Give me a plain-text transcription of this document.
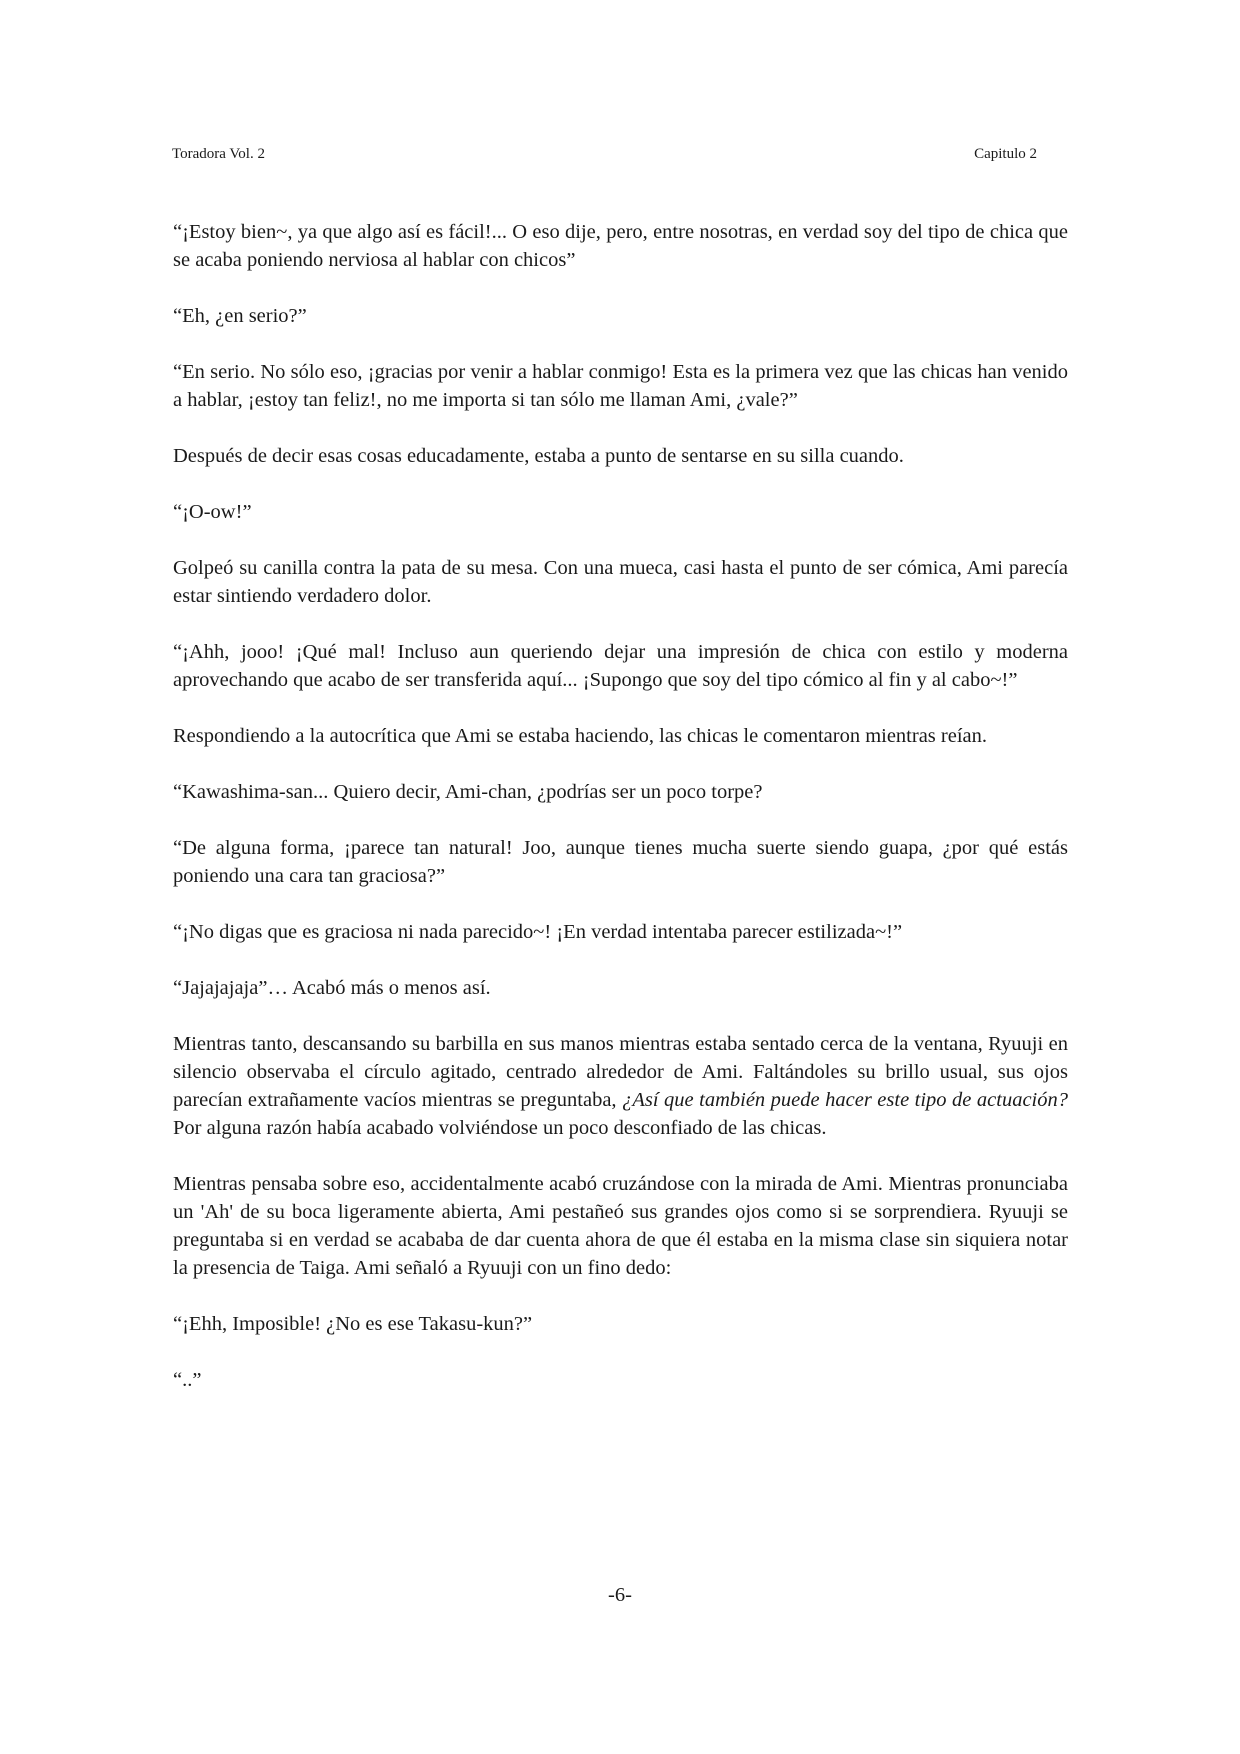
Toradora Vol. 2	Capitulo 2

“¡Estoy bien~, ya que algo así es fácil!... O eso dije, pero, entre nosotras, en verdad soy del tipo de chica que se acaba poniendo nerviosa al hablar con chicos”

“Eh, ¿en serio?”

“En serio. No sólo eso, ¡gracias por venir a hablar conmigo! Esta es la primera vez que las chicas han venido a hablar, ¡estoy tan feliz!, no me importa si tan sólo me llaman Ami, ¿vale?”

Después de decir esas cosas educadamente, estaba a punto de sentarse en su silla cuando.

“¡O-ow!”

Golpeó su canilla contra la pata de su mesa. Con una mueca, casi hasta el punto de ser cómica, Ami parecía estar sintiendo verdadero dolor.

“¡Ahh, jooo! ¡Qué mal! Incluso aun queriendo dejar una impresión de chica con estilo y moderna aprovechando que acabo de ser transferida aquí... ¡Supongo que soy del tipo cómico al fin y al cabo~!”

Respondiendo a la autocrítica que Ami se estaba haciendo, las chicas le comentaron mientras reían.

“Kawashima-san... Quiero decir, Ami-chan, ¿podrías ser un poco torpe?

“De alguna forma, ¡parece tan natural! Joo, aunque tienes mucha suerte siendo guapa, ¿por qué estás poniendo una cara tan graciosa?”

“¡No digas que es graciosa ni nada parecido~! ¡En verdad intentaba parecer estilizada~!”

“Jajajajaja”… Acabó más o menos así.

Mientras tanto, descansando su barbilla en sus manos mientras estaba sentado cerca de la ventana, Ryuuji en silencio observaba el círculo agitado, centrado alrededor de Ami. Faltándoles su brillo usual, sus ojos parecían extrañamente vacíos mientras se preguntaba, ¿Así que también puede hacer este tipo de actuación? Por alguna razón había acabado volviéndose un poco desconfiado de las chicas.

Mientras pensaba sobre eso, accidentalmente acabó cruzándose con la mirada de Ami. Mientras pronunciaba un 'Ah' de su boca ligeramente abierta, Ami pestañeó sus grandes ojos como si se sorprendiera. Ryuuji se preguntaba si en verdad se acababa de dar cuenta ahora de que él estaba en la misma clase sin siquiera notar la presencia de Taiga. Ami señaló a Ryuuji con un fino dedo:

“¡Ehh, Imposible! ¿No es ese Takasu-kun?”

“..”

-6-
